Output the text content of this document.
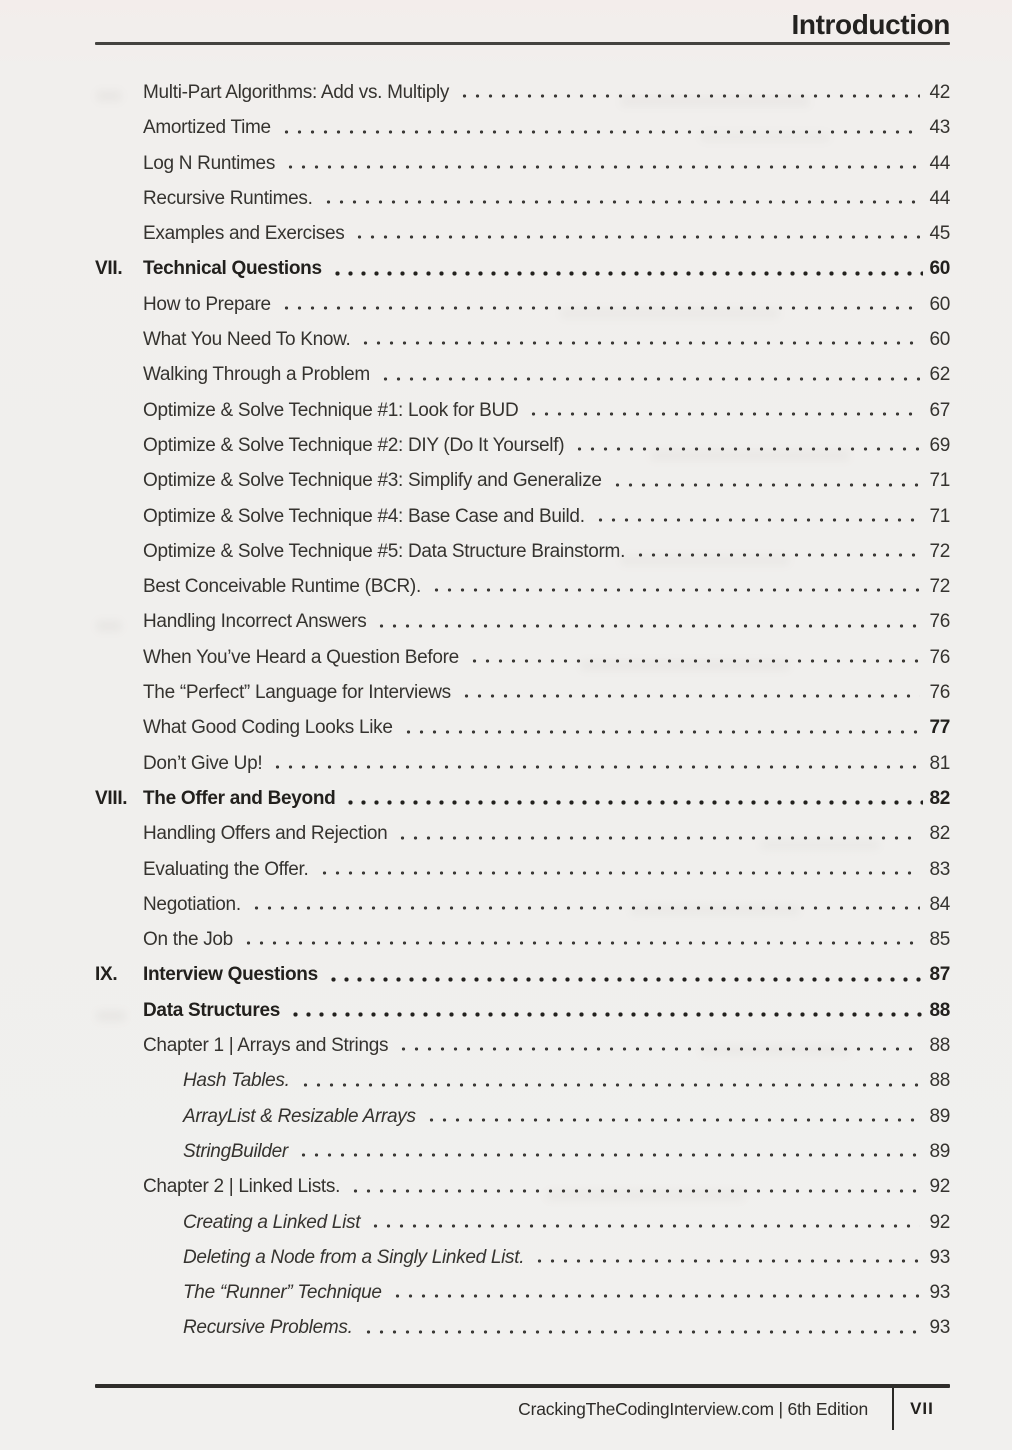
Introduction
Multi-Part Algorithms: Add vs. Multiply	42
Amortized Time	43
Log N Runtimes	44
Recursive Runtimes.	44
Examples and Exercises	45
VII.	Technical Questions	60
How to Prepare	60
What You Need To Know.	60
Walking Through a Problem	62
Optimize & Solve Technique #1: Look for BUD	67
Optimize & Solve Technique #2: DIY (Do It Yourself)	69
Optimize & Solve Technique #3: Simplify and Generalize	71
Optimize & Solve Technique #4: Base Case and Build.	71
Optimize & Solve Technique #5: Data Structure Brainstorm.	72
Best Conceivable Runtime (BCR).	72
Handling Incorrect Answers	76
When You’ve Heard a Question Before	76
The “Perfect” Language for Interviews	76
What Good Coding Looks Like	77
Don’t Give Up!	81
VIII. The Offer and Beyond	82
Handling Offers and Rejection	82
Evaluating the Offer.	83
Negotiation.	84
On the Job	85
IX.	Interview Questions	87
Data Structures	88
Chapter 1 | Arrays and Strings	88
Hash Tables.	88
ArrayList & Resizable Arrays	89
StringBuilder	89
Chapter 2 | Linked Lists.	92
Creating a Linked List	92
Deleting a Node from a Singly Linked List.	93
The “Runner” Technique	93
Recursive Problems.	93
CrackingTheCodingInterview.com | 6th Edition	VII
